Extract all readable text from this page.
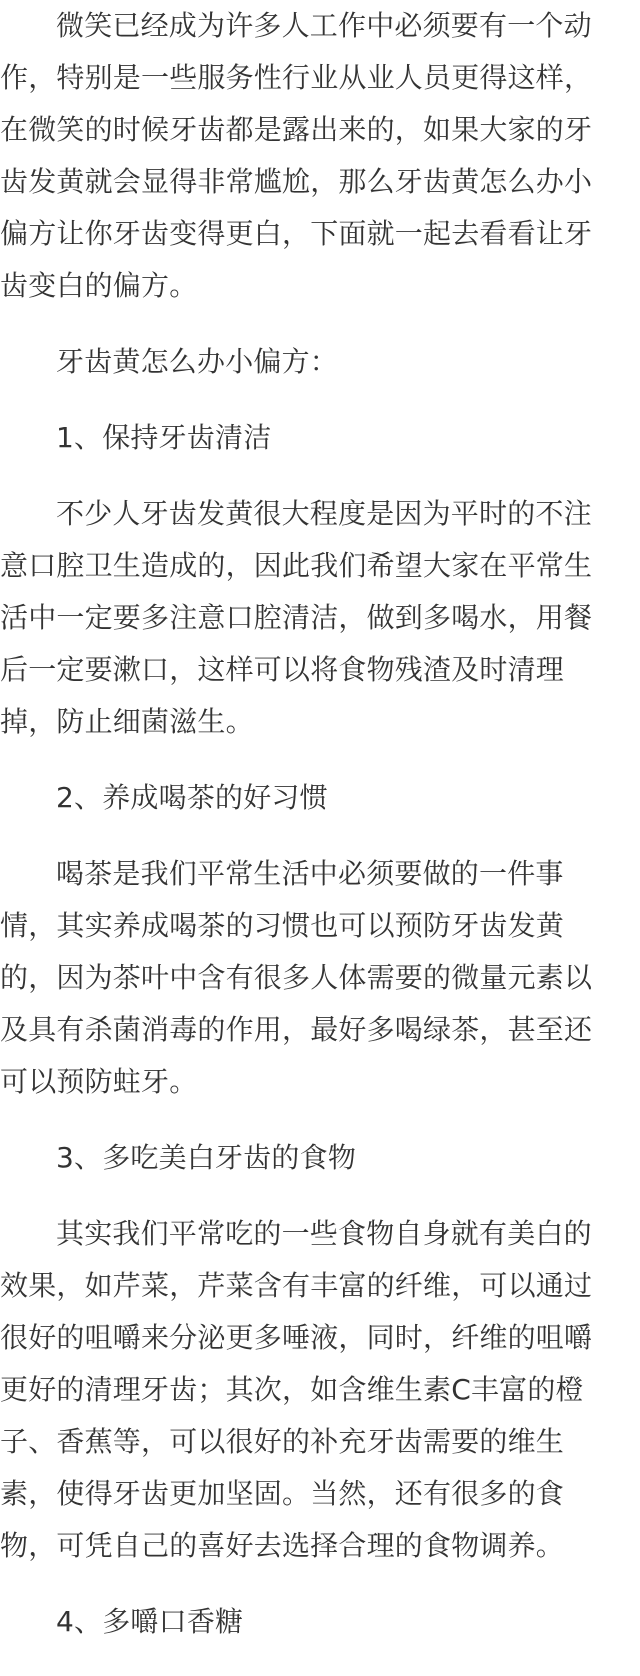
微笑已经成为许多人工作中必须要有一个动作，特别是一些服务性行业从业人员更得这样，在微笑的时候牙齿都是露出来的，如果大家的牙齿发黄就会显得非常尴尬，那么牙齿黄怎么办小偏方让你牙齿变得更白，下面就一起去看看让牙齿变白的偏方。

牙齿黄怎么办小偏方：

1、保持牙齿清洁

不少人牙齿发黄很大程度是因为平时的不注意口腔卫生造成的，因此我们希望大家在平常生活中一定要多注意口腔清洁，做到多喝水，用餐后一定要漱口，这样可以将食物残渣及时清理掉，防止细菌滋生。

2、养成喝茶的好习惯

喝茶是我们平常生活中必须要做的一件事情，其实养成喝茶的习惯也可以预防牙齿发黄的，因为茶叶中含有很多人体需要的微量元素以及具有杀菌消毒的作用，最好多喝绿茶，甚至还可以预防蛀牙。

3、多吃美白牙齿的食物

其实我们平常吃的一些食物自身就有美白的效果，如芹菜，芹菜含有丰富的纤维，可以通过很好的咀嚼来分泌更多唾液，同时，纤维的咀嚼更好的清理牙齿；其次，如含维生素C丰富的橙子、香蕉等，可以很好的补充牙齿需要的维生素，使得牙齿更加坚固。当然，还有很多的食物，可凭自己的喜好去选择合理的食物调养。

4、多嚼口香糖
